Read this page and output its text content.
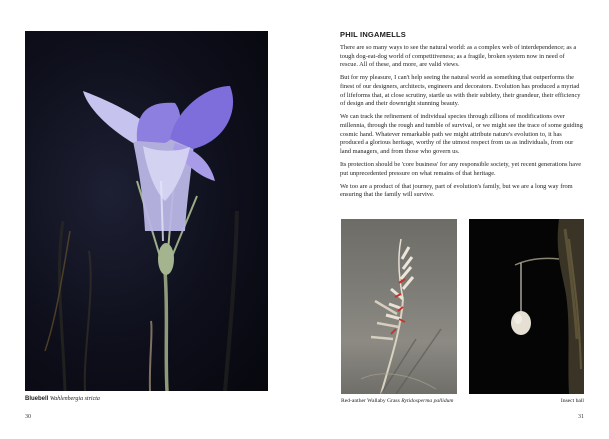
Bluebell Wahlenbergia stricta
30
PHIL INGAMELLS

There are so many ways to see the natural world: as a complex web of interdependence; as a tough dog-eat-dog world of competitiveness; as a fragile, broken system now in need of rescue. All of these, and more, are valid views.

But for my pleasure, I can't help seeing the natural world as something that outperforms the finest of our designers, architects, engineers and decorators. Evolution has produced a myriad of lifeforms that, at close scrutiny, startle us with their subtlety, their grandeur, their efficiency of design and their downright stunning beauty.

We can track the refinement of individual species through zillions of modifications over millennia, through the rough and tumble of survival, or we might see the trace of some guiding cosmic hand. Whatever remarkable path we might attribute nature's evolution to, it has produced a glorious heritage, worthy of the utmost respect from us as individuals, from our land managers, and from those who govern us.

Its protection should be 'core business' for any responsible society, yet recent generations have put unprecedented pressure on what remains of that heritage.

We too are a product of that journey, part of evolution's family, but we are a long way from ensuring that the family will survive.

Red-anther Wallaby Grass Rytidosperma pallidum	Insect ball
31
